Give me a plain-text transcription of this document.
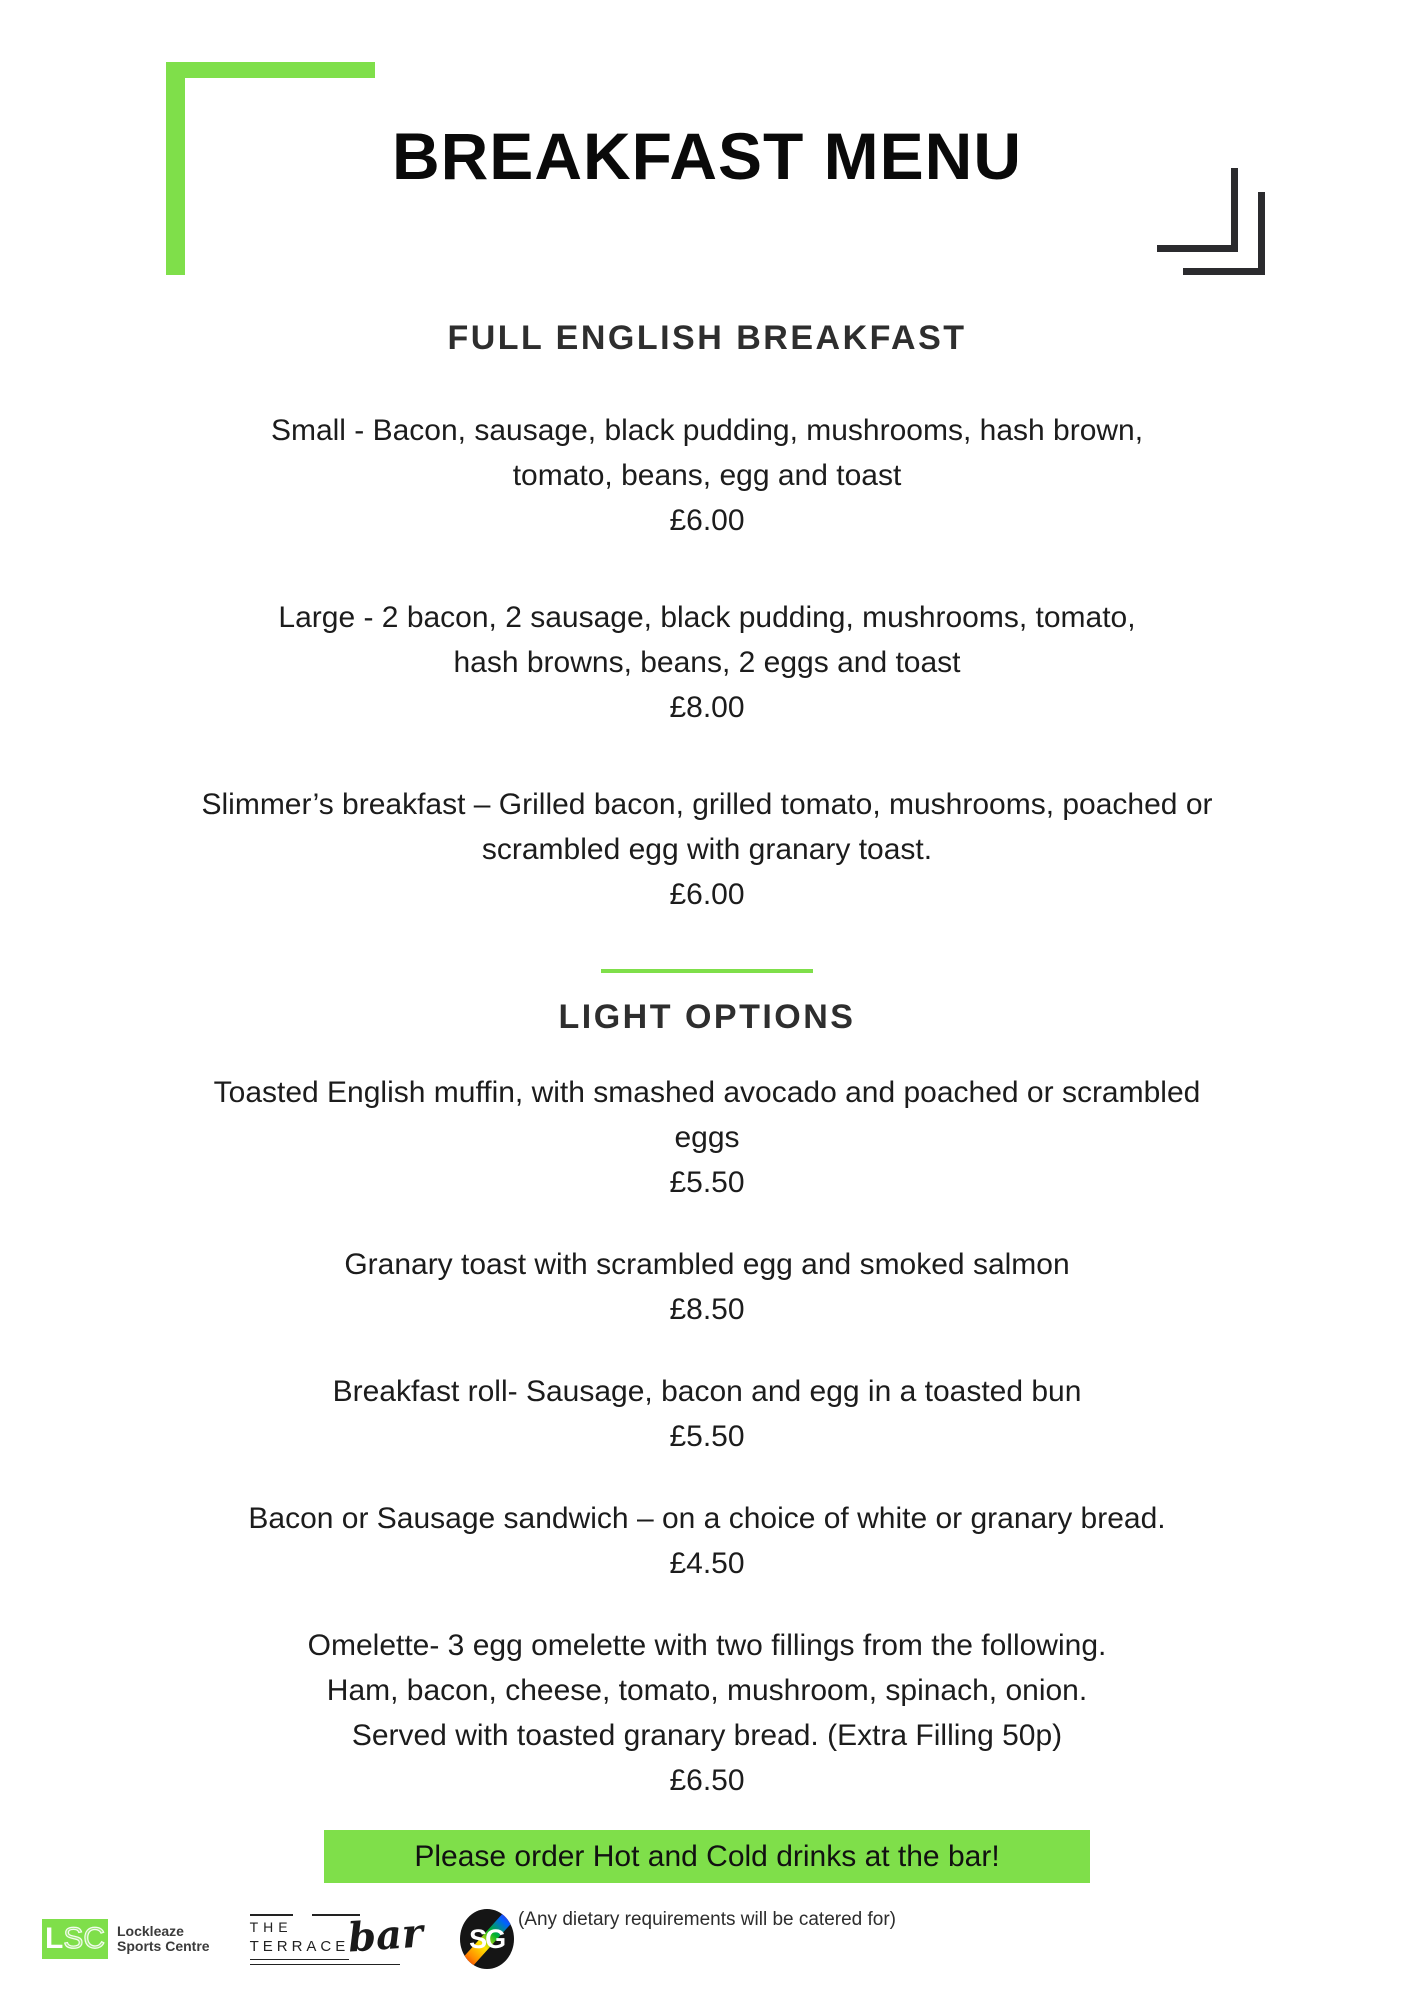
BREAKFAST MENU
FULL ENGLISH BREAKFAST
Small - Bacon, sausage, black pudding, mushrooms, hash brown,
tomato, beans, egg and toast
£6.00
Large - 2 bacon, 2 sausage, black pudding, mushrooms, tomato,
hash browns, beans, 2 eggs and toast
£8.00
Slimmer’s breakfast – Grilled bacon, grilled tomato, mushrooms, poached or
scrambled egg with granary toast.
£6.00
LIGHT OPTIONS
Toasted English muffin, with smashed avocado and poached or scrambled
eggs
£5.50
Granary toast with scrambled egg and smoked salmon
£8.50
Breakfast roll- Sausage, bacon and egg in a toasted bun
£5.50
Bacon or Sausage sandwich – on a choice of white or granary bread.
£4.50
Omelette- 3 egg omelette with two fillings from the following.
Ham, bacon, cheese, tomato, mushroom, spinach, onion.
Served with toasted granary bread. (Extra Filling 50p)
£6.50
Please order Hot and Cold drinks at the bar!
(Any dietary requirements will be catered for)
L SC Lockleaze
Sports Centre
THE
TERRACE
bar SG
